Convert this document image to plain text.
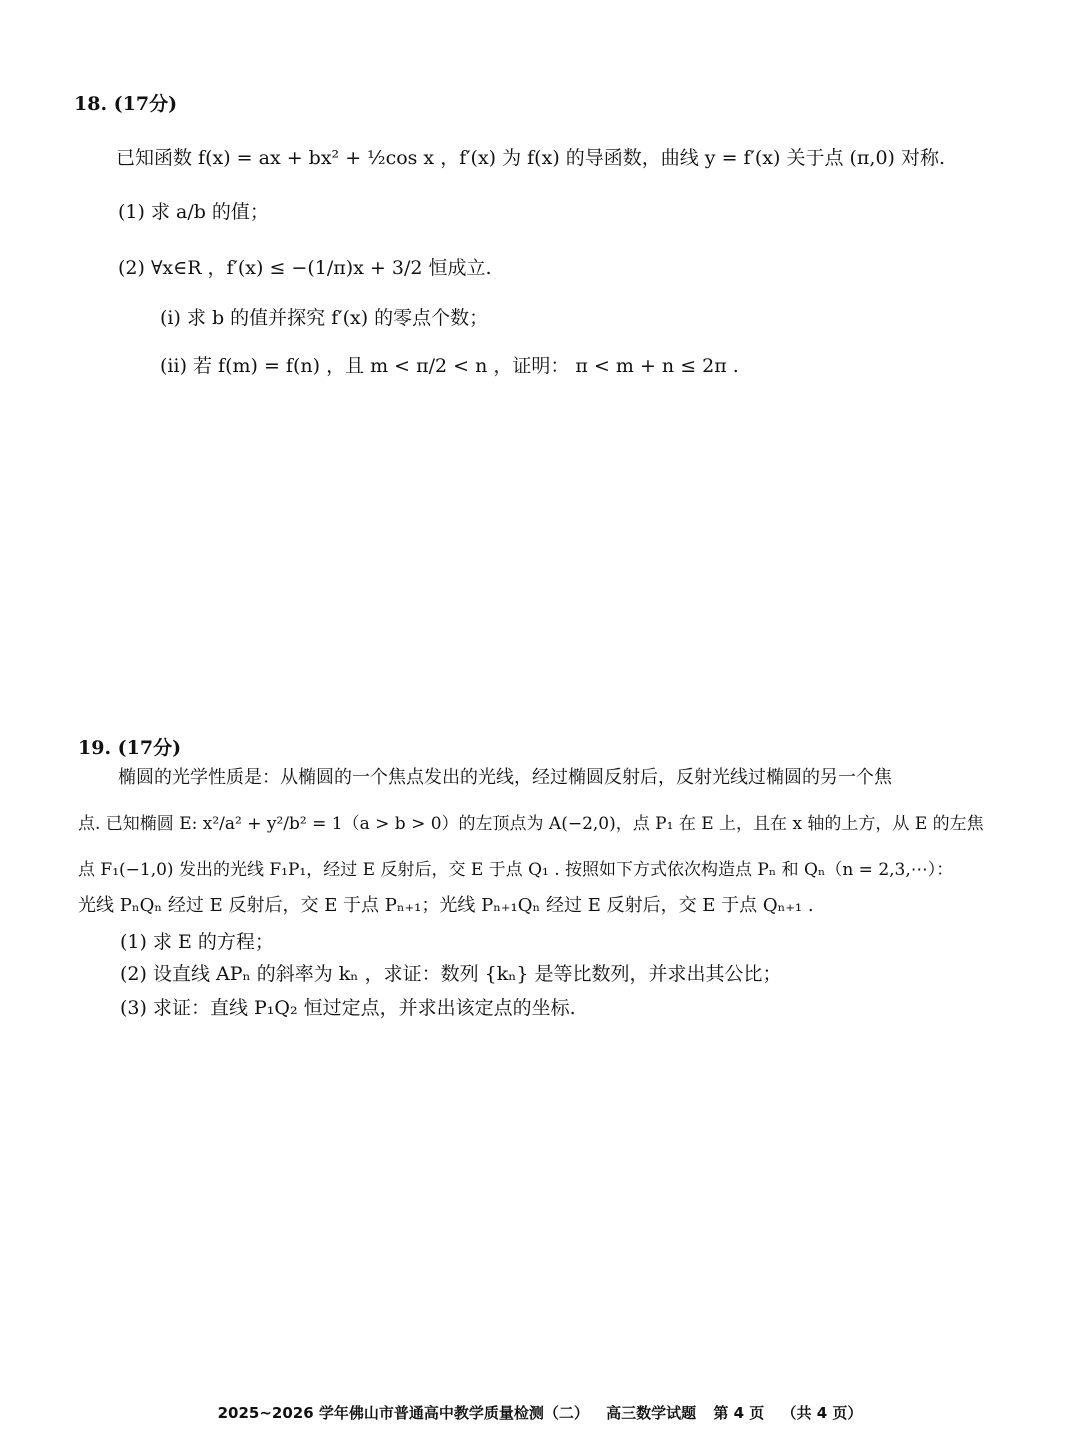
18. (17分)
已知函数 f(x) = ax + bx² + ½cos x ，f′(x) 为 f(x) 的导函数，曲线 y = f′(x) 关于点 (π,0) 对称.
(1) 求 a/b 的值；
(2) ∀x∈R ，f′(x) ≤ −(1/π)x + 3/2 恒成立.
(ⅰ) 求 b 的值并探究 f′(x) 的零点个数；
(ⅱ) 若 f(m) = f(n) ，且 m < π/2 < n ，证明： π < m + n ≤ 2π .
19. (17分)
椭圆的光学性质是：从椭圆的一个焦点发出的光线，经过椭圆反射后，反射光线过椭圆的另一个焦
点. 已知椭圆 E: x²/a² + y²/b² = 1（a > b > 0）的左顶点为 A(−2,0)，点 P₁ 在 E 上，且在 x 轴的上方，从 E 的左焦
点 F₁(−1,0) 发出的光线 F₁P₁，经过 E 反射后，交 E 于点 Q₁ . 按照如下方式依次构造点 Pₙ 和 Qₙ（n = 2,3,⋯）：
光线 PₙQₙ 经过 E 反射后，交 E 于点 Pₙ₊₁；光线 Pₙ₊₁Qₙ 经过 E 反射后，交 E 于点 Qₙ₊₁ .
(1) 求 E 的方程；
(2) 设直线 APₙ 的斜率为 kₙ ，求证：数列 {kₙ} 是等比数列，并求出其公比；
(3) 求证：直线 P₁Q₂ 恒过定点，并求出该定点的坐标.
2025~2026 学年佛山市普通高中教学质量检测（二） 高三数学试题 第 4 页 （共 4 页）
